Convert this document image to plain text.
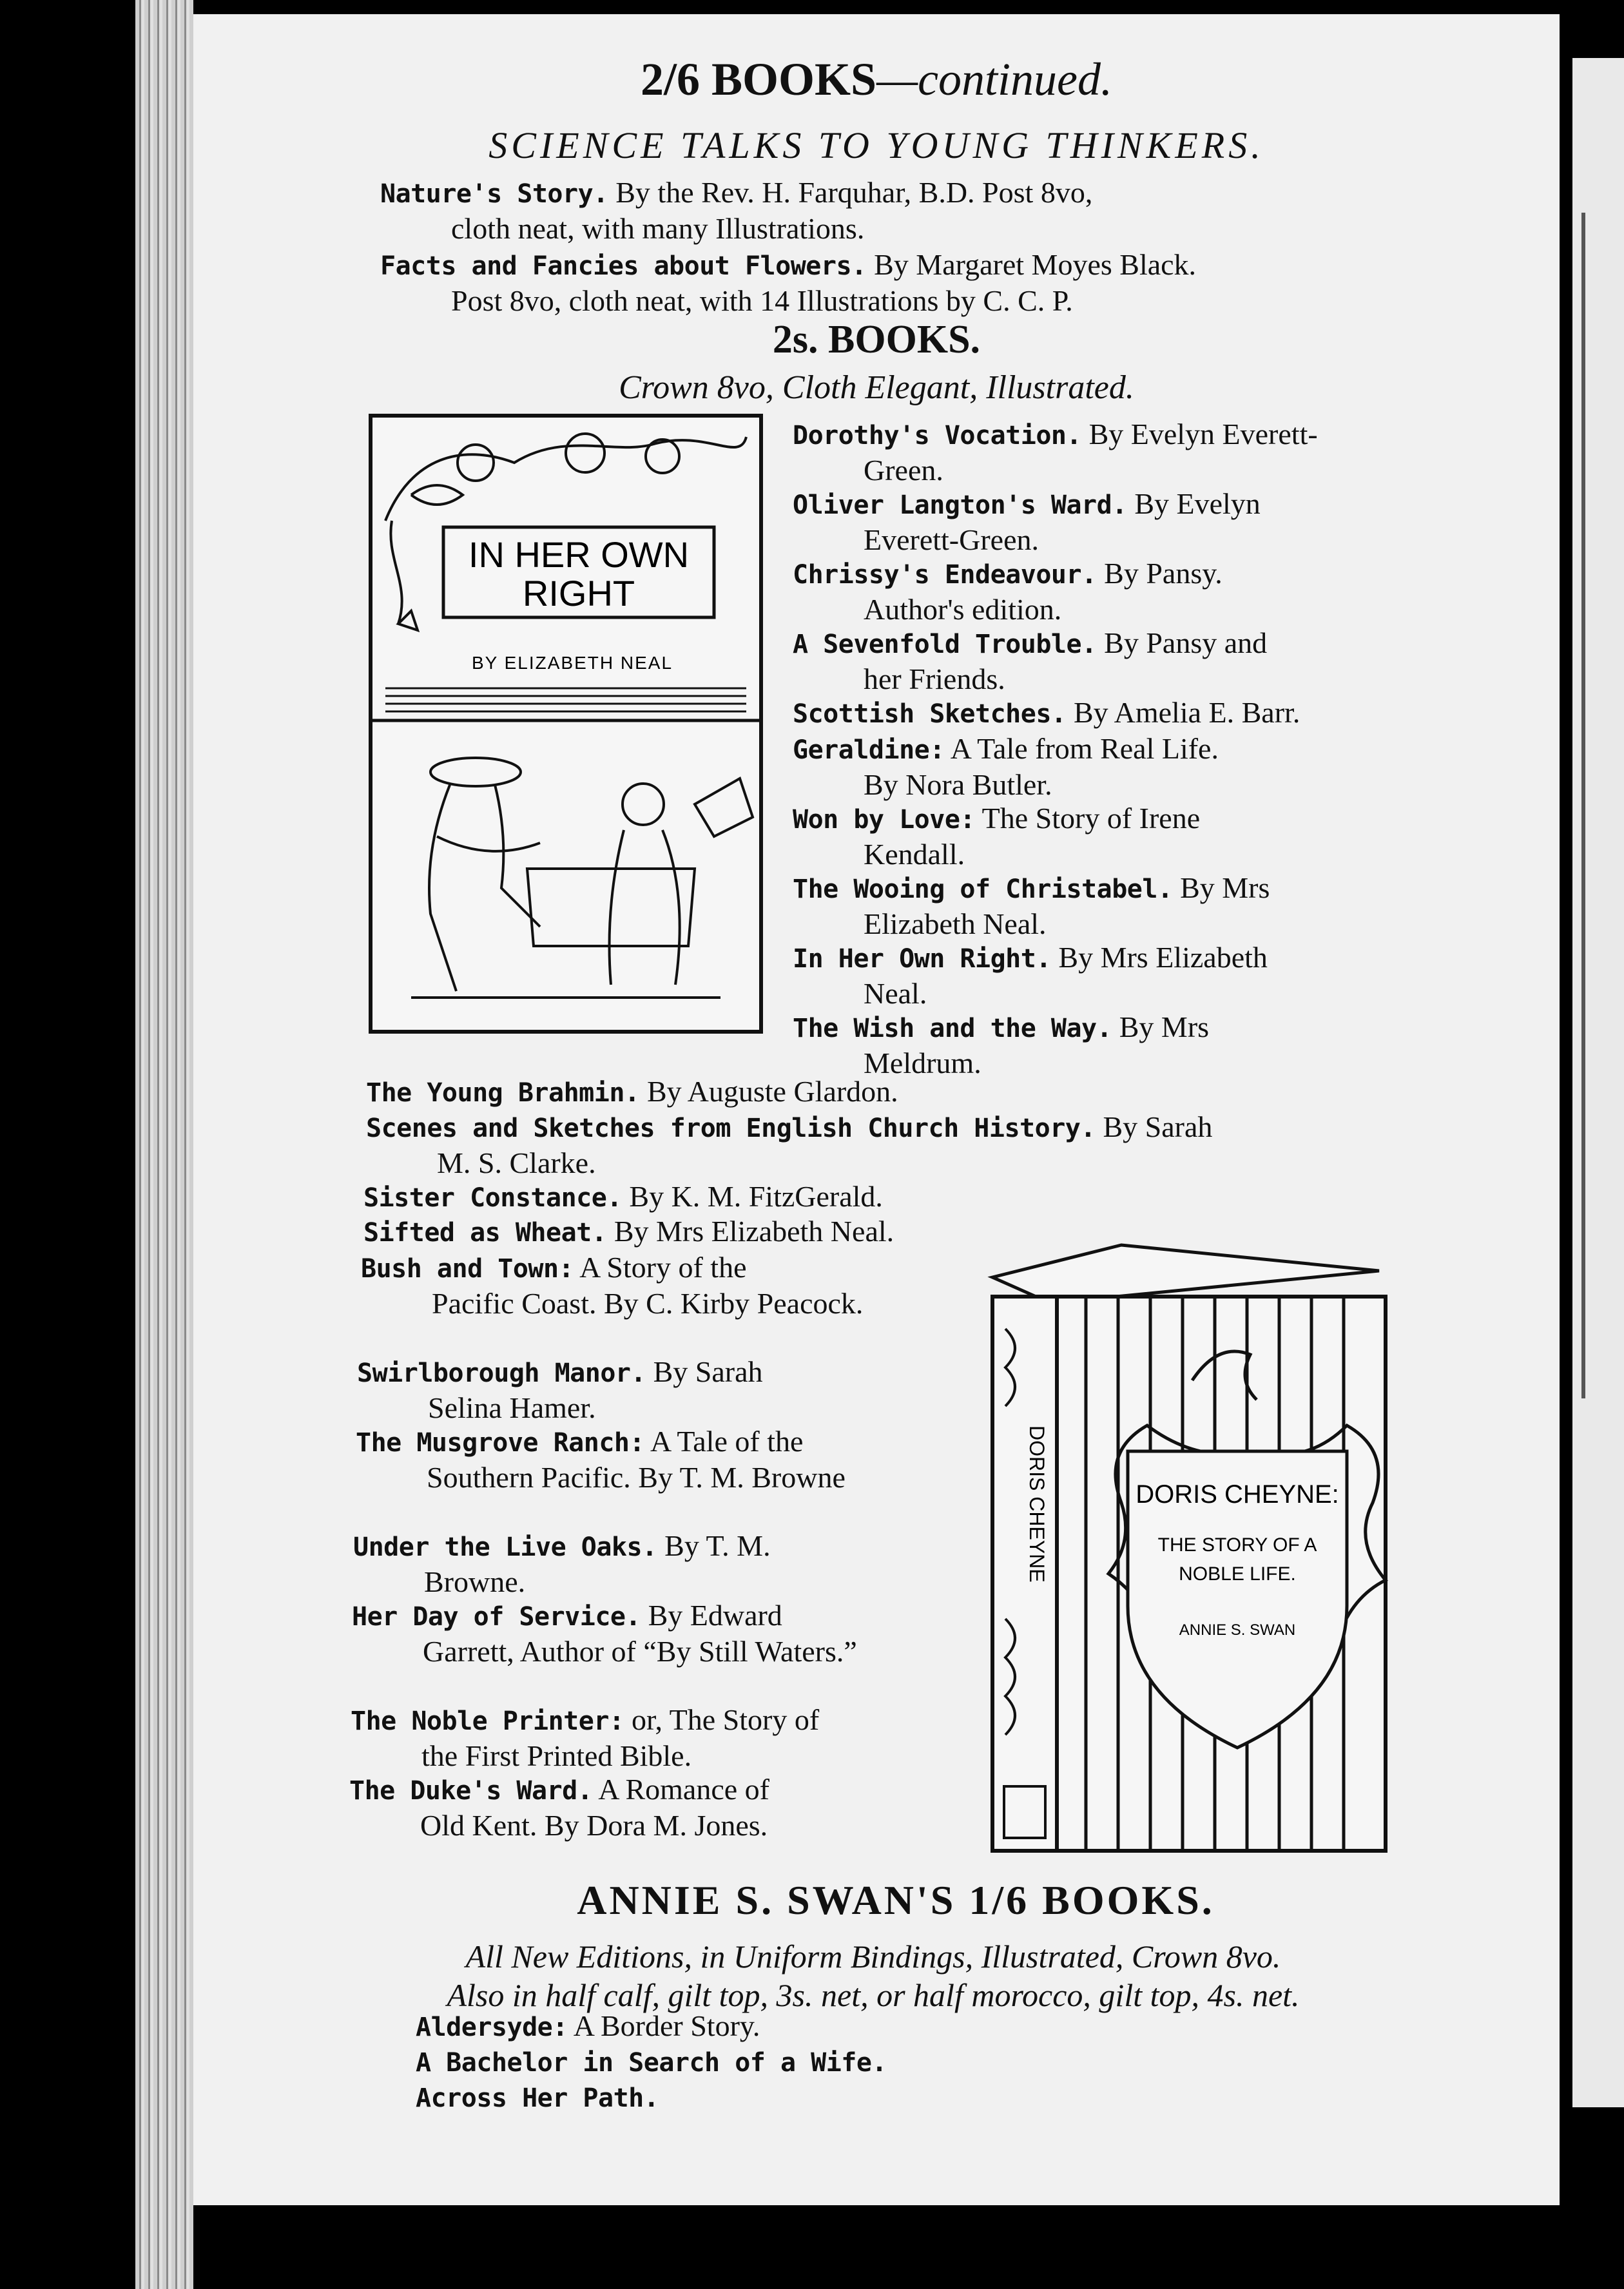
2/6 BOOKS—continued.
SCIENCE TALKS TO YOUNG THINKERS.
Nature's Story. By the Rev. H. Farquhar, B.D. Post 8vo,
cloth neat, with many Illustrations.
Facts and Fancies about Flowers. By Margaret Moyes Black.
Post 8vo, cloth neat, with 14 Illustrations by C. C. P.
2s. BOOKS.
Crown 8vo, Cloth Elegant, Illustrated.
IN HER OWN
RIGHT
BY ELIZABETH NEAL
Dorothy's Vocation. By Evelyn Everett-
Green.
Oliver Langton's Ward. By Evelyn
Everett-Green.
Chrissy's Endeavour. By Pansy.
Author's edition.
A Sevenfold Trouble. By Pansy and
her Friends.
Scottish Sketches. By Amelia E. Barr.
Geraldine: A Tale from Real Life.
By Nora Butler.
Won by Love: The Story of Irene
Kendall.
The Wooing of Christabel. By Mrs
Elizabeth Neal.
In Her Own Right. By Mrs Elizabeth
Neal.
The Wish and the Way. By Mrs
Meldrum.
The Young Brahmin. By Auguste Glardon.
Scenes and Sketches from English Church History. By Sarah
M. S. Clarke.
Sister Constance. By K. M. FitzGerald.
Sifted as Wheat. By Mrs Elizabeth Neal.
Bush and Town: A Story of the
Pacific Coast. By C. Kirby Peacock.
Swirlborough Manor. By Sarah
Selina Hamer.
The Musgrove Ranch: A Tale of the
Southern Pacific. By T. M. Browne
Under the Live Oaks. By T. M.
Browne.
Her Day of Service. By Edward
Garrett, Author of “By Still Waters.”
The Noble Printer: or, The Story of
the First Printed Bible.
The Duke's Ward. A Romance of
Old Kent. By Dora M. Jones.
DORIS CHEYNE:
THE STORY OF A
NOBLE LIFE.
ANNIE S. SWAN
DORIS CHEYNE
ANNIE S. SWAN'S 1/6 BOOKS.
All New Editions, in Uniform Bindings, Illustrated, Crown 8vo.
Also in half calf, gilt top, 3s. net, or half morocco, gilt top, 4s. net.
Aldersyde: A Border Story.
A Bachelor in Search of a Wife.
Across Her Path.
